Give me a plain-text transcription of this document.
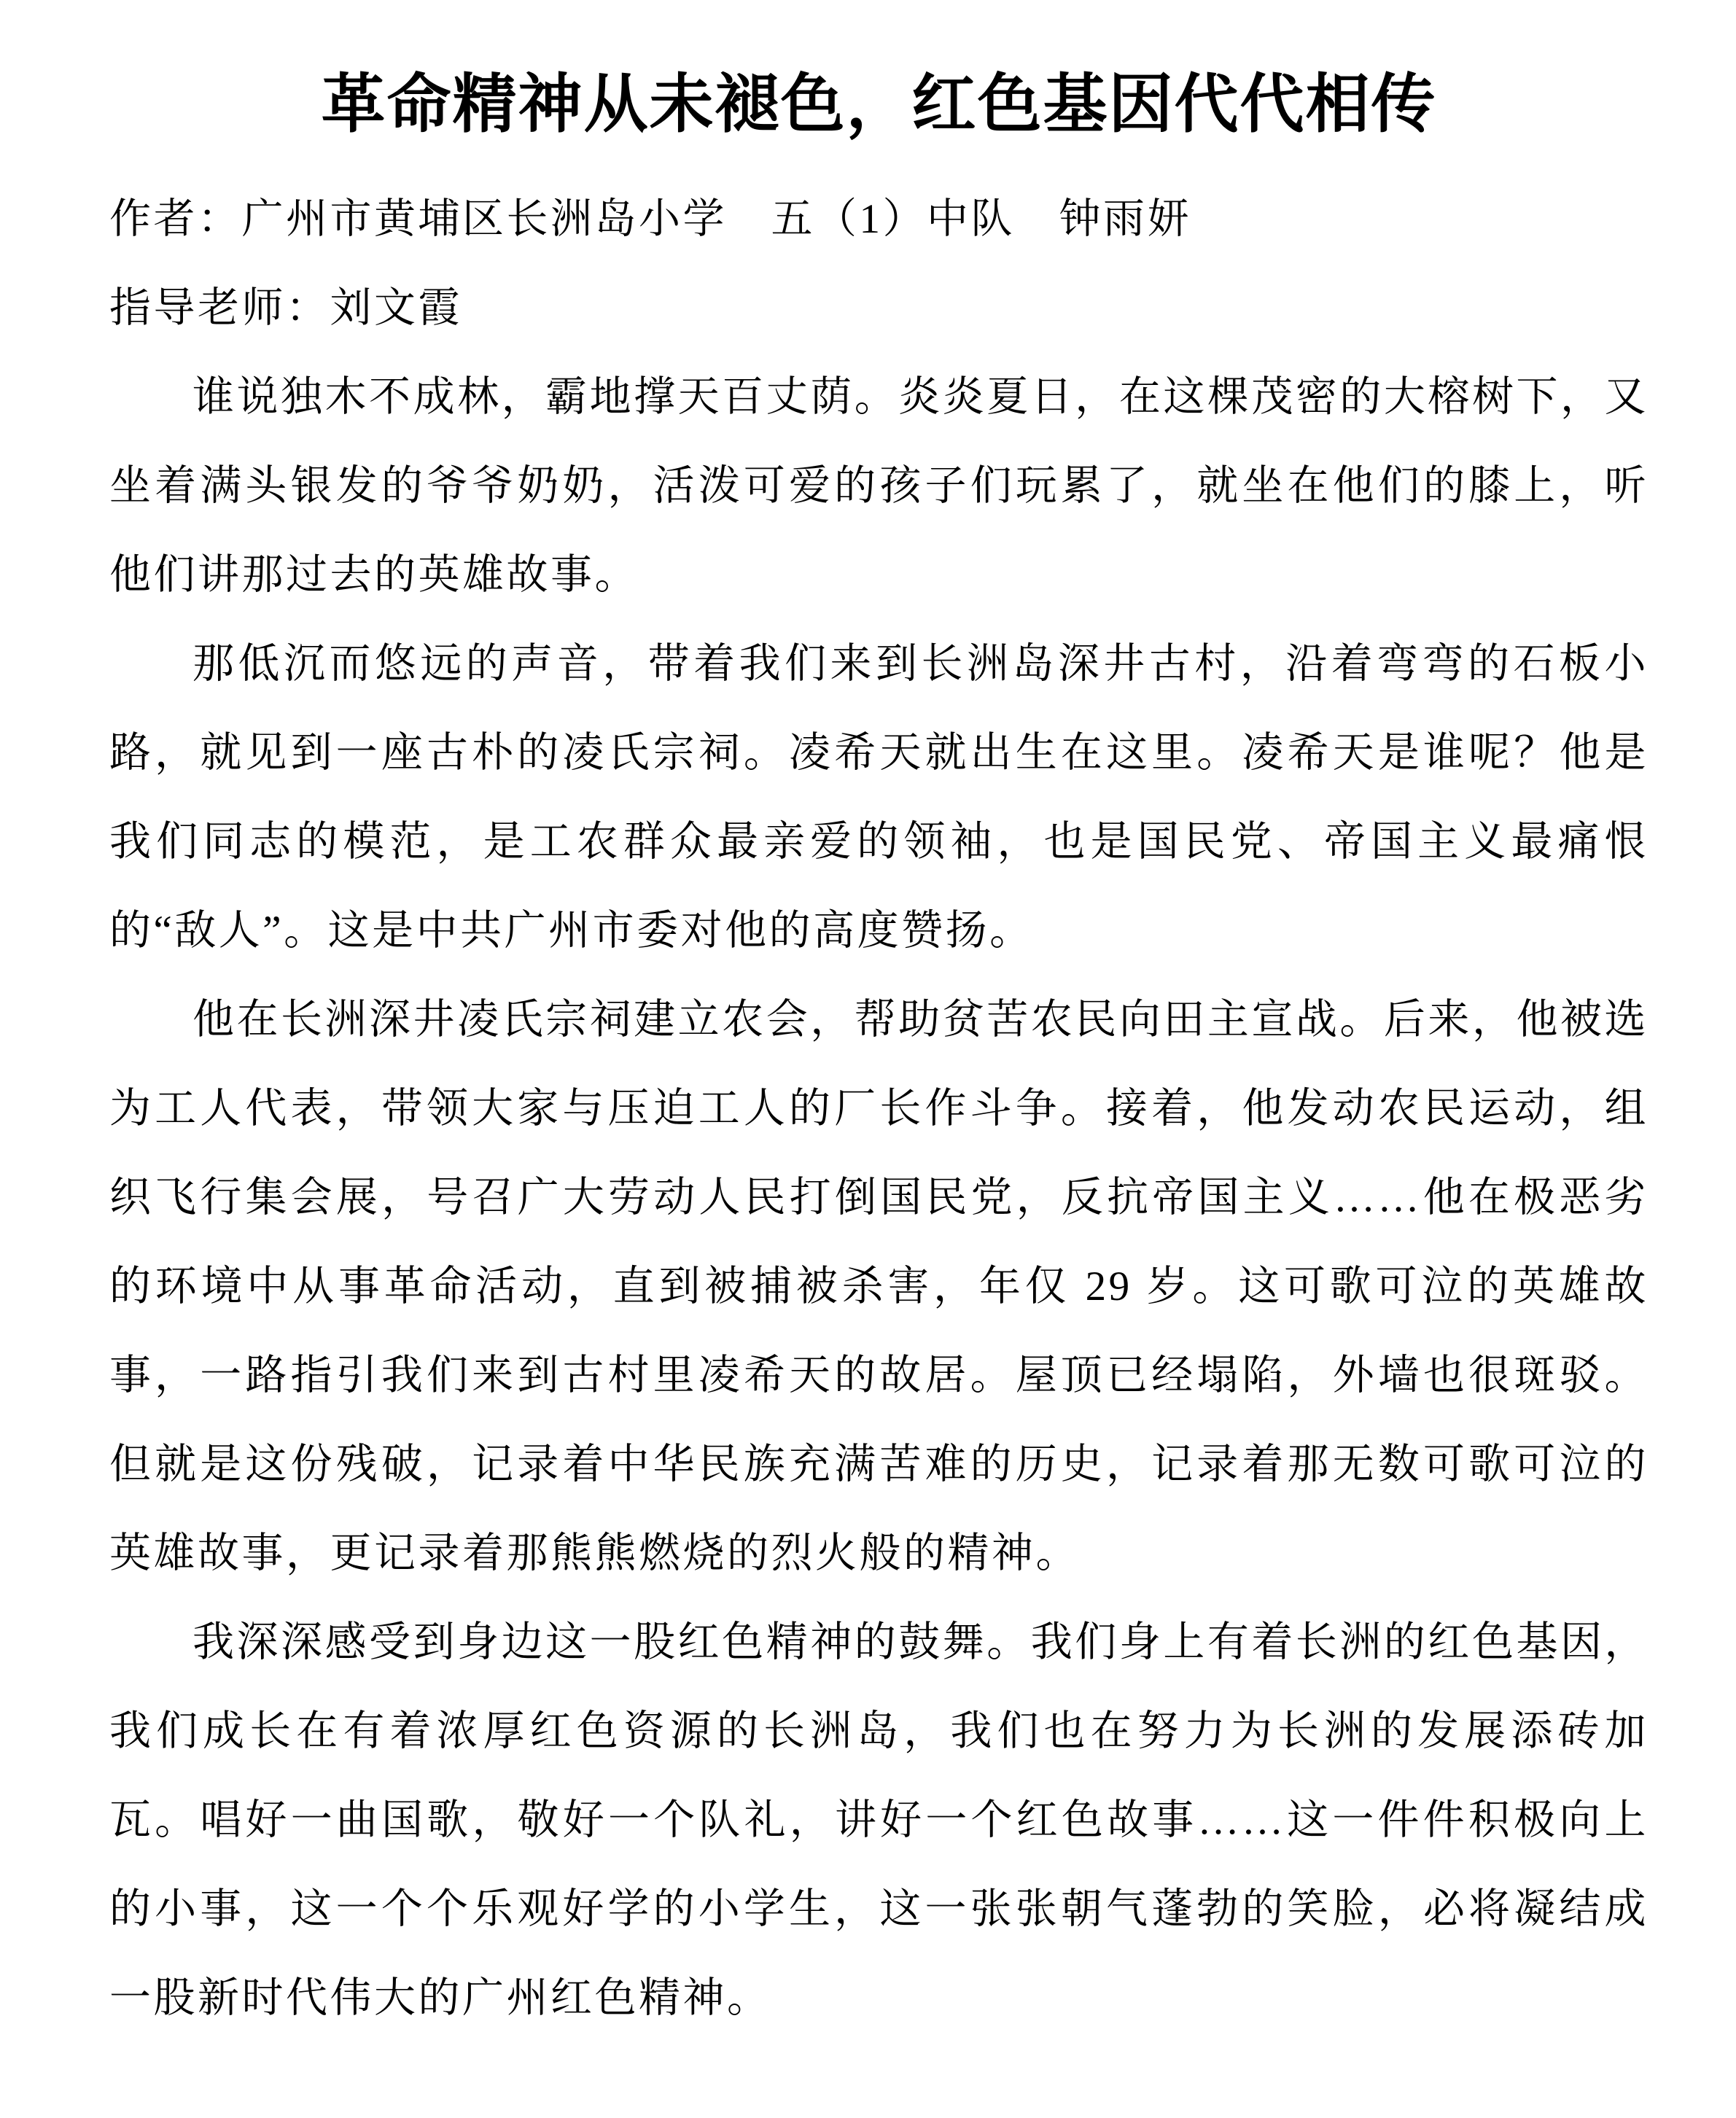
革命精神从未褪色，红色基因代代相传
作者：广州市黄埔区长洲岛小学　五（1）中队　钟雨妍
指导老师：刘文霞

谁说独木不成林，霸地撑天百丈荫。炎炎夏日，在这棵茂密的大榕树下，又坐着满头银发的爷爷奶奶，活泼可爱的孩子们玩累了，就坐在他们的膝上，听他们讲那过去的英雄故事。

那低沉而悠远的声音，带着我们来到长洲岛深井古村，沿着弯弯的石板小路，就见到一座古朴的凌氏宗祠。凌希天就出生在这里。凌希天是谁呢？他是我们同志的模范，是工农群众最亲爱的领袖，也是国民党、帝国主义最痛恨的“敌人”。这是中共广州市委对他的高度赞扬。

他在长洲深井凌氏宗祠建立农会，帮助贫苦农民向田主宣战。后来，他被选为工人代表，带领大家与压迫工人的厂长作斗争。接着，他发动农民运动，组织飞行集会展，号召广大劳动人民打倒国民党，反抗帝国主义……他在极恶劣的环境中从事革命活动，直到被捕被杀害，年仅 29 岁。这可歌可泣的英雄故事，一路指引我们来到古村里凌希天的故居。屋顶已经塌陷，外墙也很斑驳。但就是这份残破，记录着中华民族充满苦难的历史，记录着那无数可歌可泣的英雄故事，更记录着那熊熊燃烧的烈火般的精神。

我深深感受到身边这一股红色精神的鼓舞。我们身上有着长洲的红色基因，我们成长在有着浓厚红色资源的长洲岛，我们也在努力为长洲的发展添砖加瓦。唱好一曲国歌，敬好一个队礼，讲好一个红色故事……这一件件积极向上的小事，这一个个乐观好学的小学生，这一张张朝气蓬勃的笑脸，必将凝结成一股新时代伟大的广州红色精神。
